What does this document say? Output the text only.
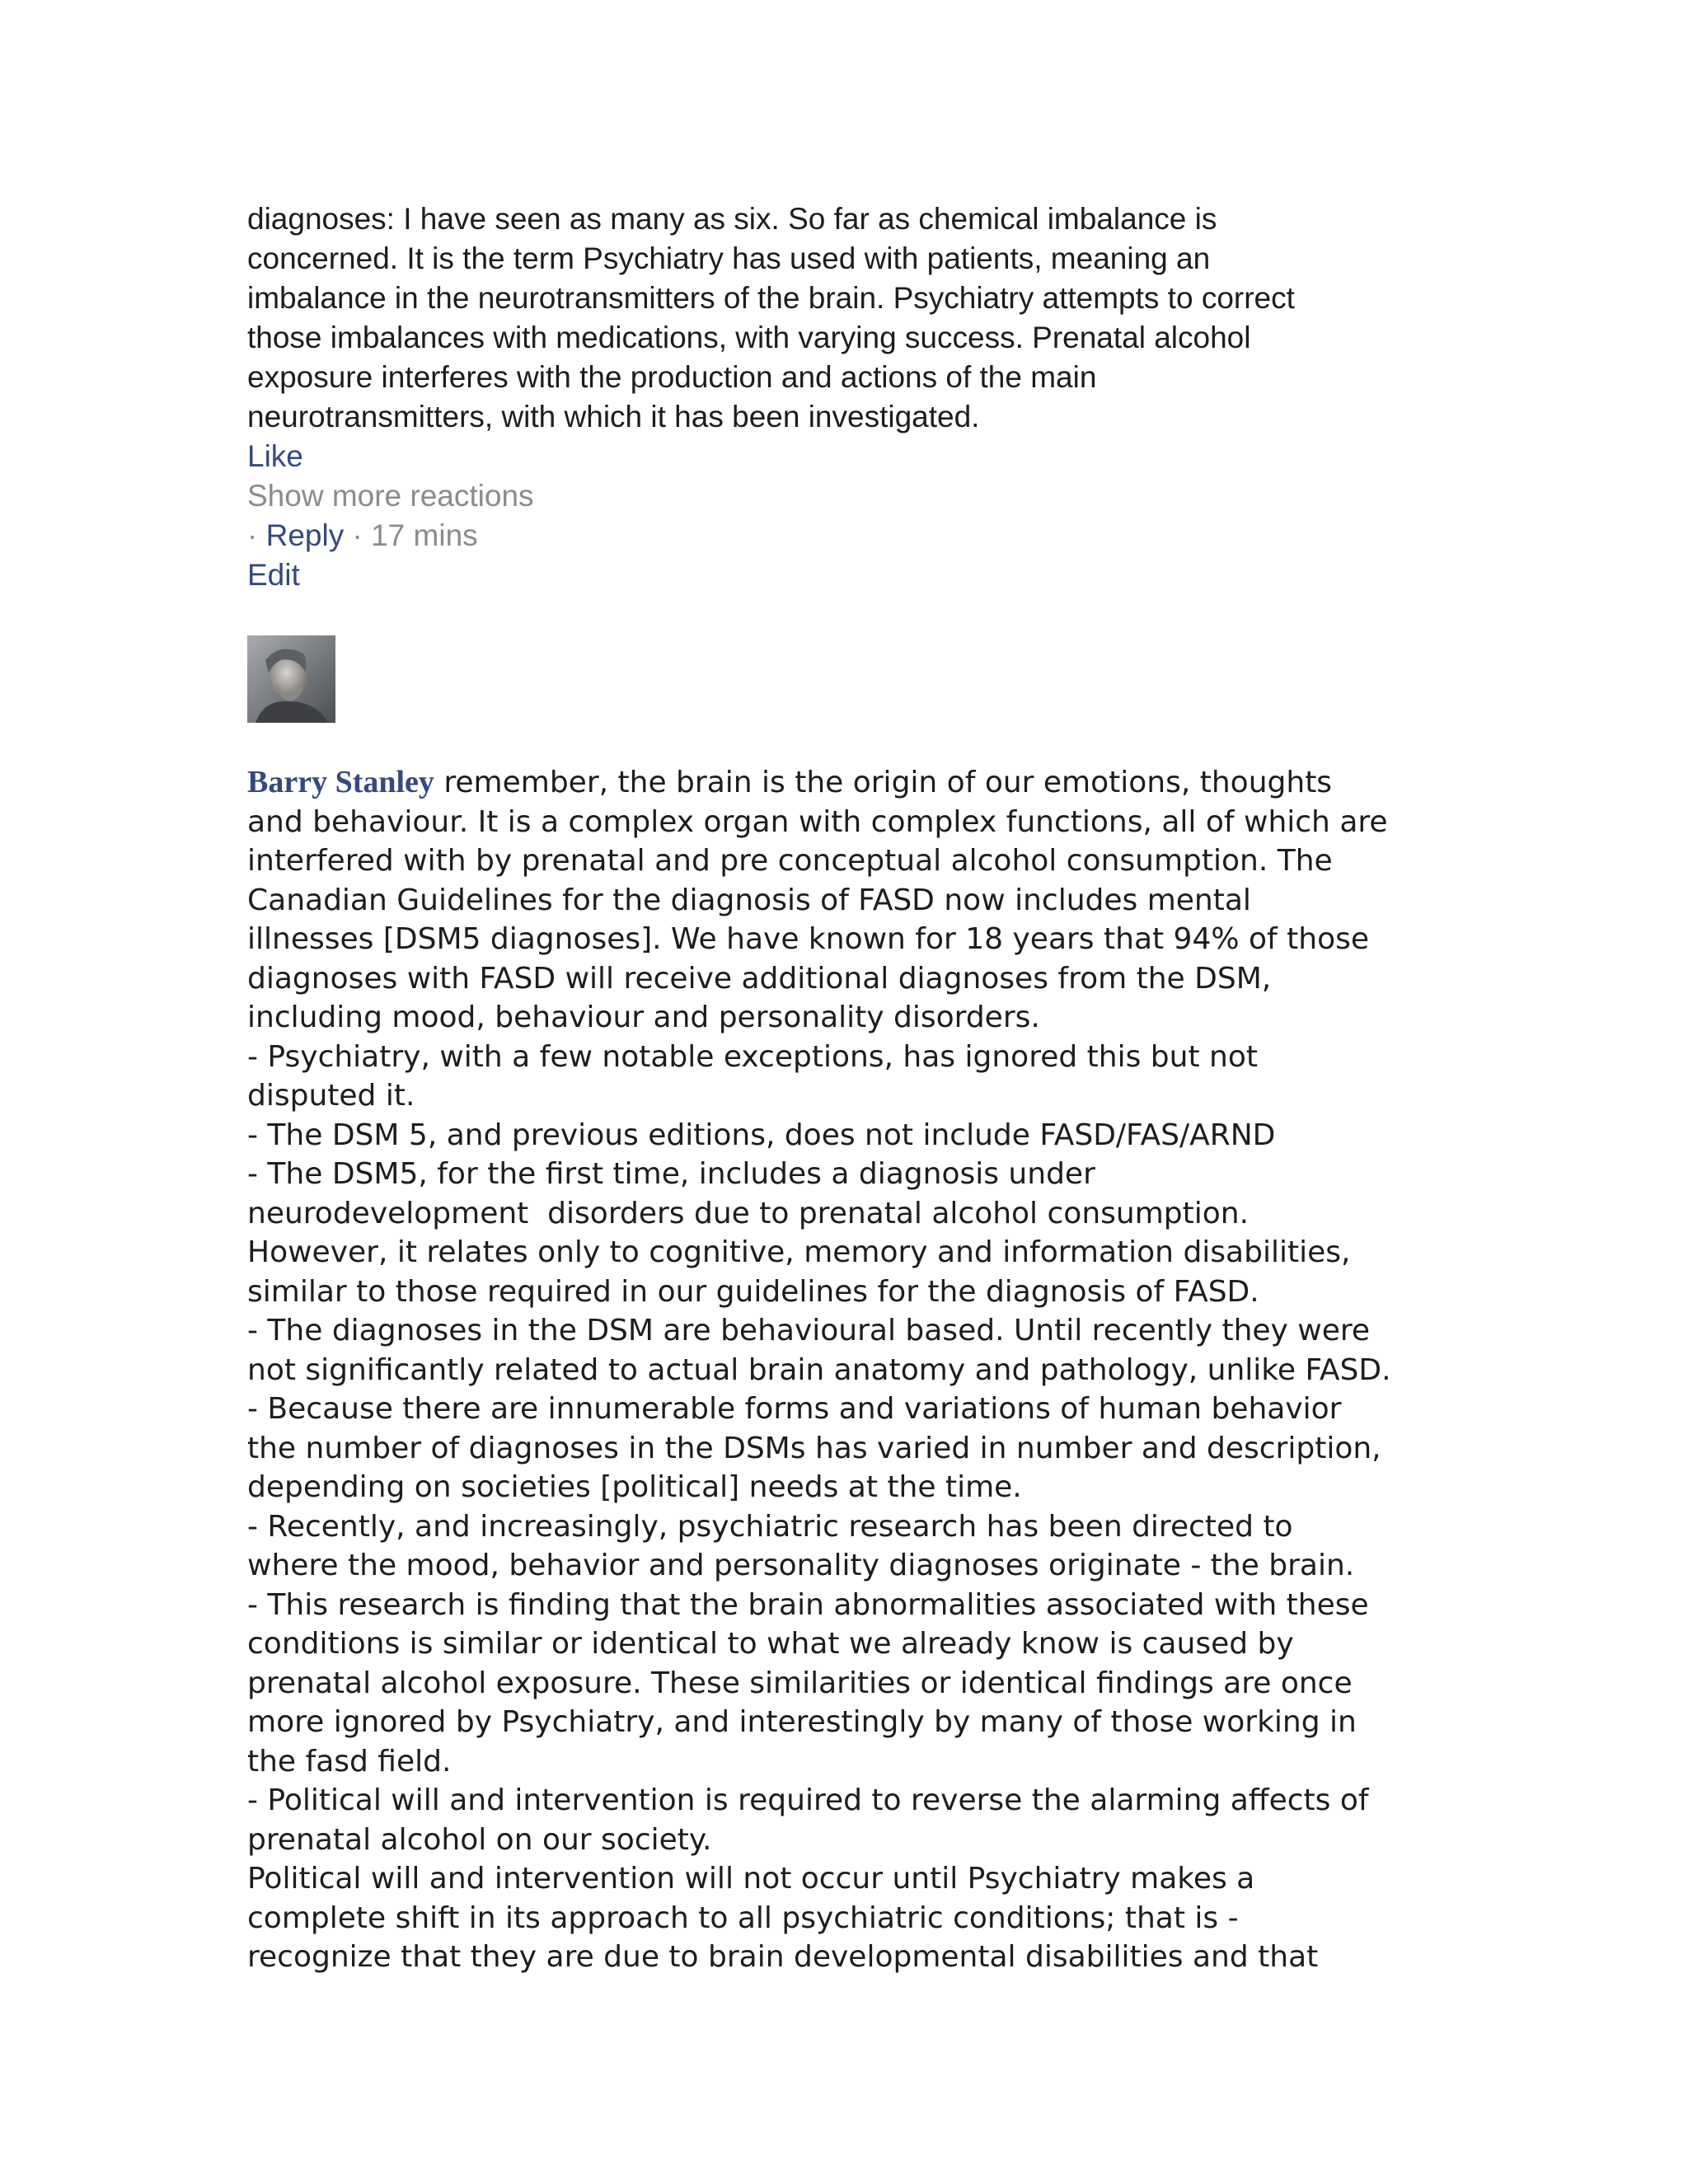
diagnoses: I have seen as many as six. So far as chemical imbalance is
concerned. It is the term Psychiatry has used with patients, meaning an
imbalance in the neurotransmitters of the brain. Psychiatry attempts to correct
those imbalances with medications, with varying success. Prenatal alcohol
exposure interferes with the production and actions of the main
neurotransmitters, with which it has been investigated.
Like
Show more reactions
· Reply · 17 mins
Edit
Barry Stanley remember, the brain is the origin of our emotions, thoughts
and behaviour. It is a complex organ with complex functions, all of which are
interfered with by prenatal and pre conceptual alcohol consumption. The
Canadian Guidelines for the diagnosis of FASD now includes mental
illnesses [DSM5 diagnoses]. We have known for 18 years that 94% of those
diagnoses with FASD will receive additional diagnoses from the DSM,
including mood, behaviour and personality disorders.
- Psychiatry, with a few notable exceptions, has ignored this but not
disputed it.
- The DSM 5, and previous editions, does not include FASD/FAS/ARND
- The DSM5, for the first time, includes a diagnosis under
neurodevelopment  disorders due to prenatal alcohol consumption.
However, it relates only to cognitive, memory and information disabilities,
similar to those required in our guidelines for the diagnosis of FASD.
- The diagnoses in the DSM are behavioural based. Until recently they were
not significantly related to actual brain anatomy and pathology, unlike FASD.
- Because there are innumerable forms and variations of human behavior
the number of diagnoses in the DSMs has varied in number and description,
depending on societies [political] needs at the time.
- Recently, and increasingly, psychiatric research has been directed to
where the mood, behavior and personality diagnoses originate - the brain.
- This research is finding that the brain abnormalities associated with these
conditions is similar or identical to what we already know is caused by
prenatal alcohol exposure. These similarities or identical findings are once
more ignored by Psychiatry, and interestingly by many of those working in
the fasd field.
- Political will and intervention is required to reverse the alarming affects of
prenatal alcohol on our society.
Political will and intervention will not occur until Psychiatry makes a
complete shift in its approach to all psychiatric conditions; that is -
recognize that they are due to brain developmental disabilities and that
